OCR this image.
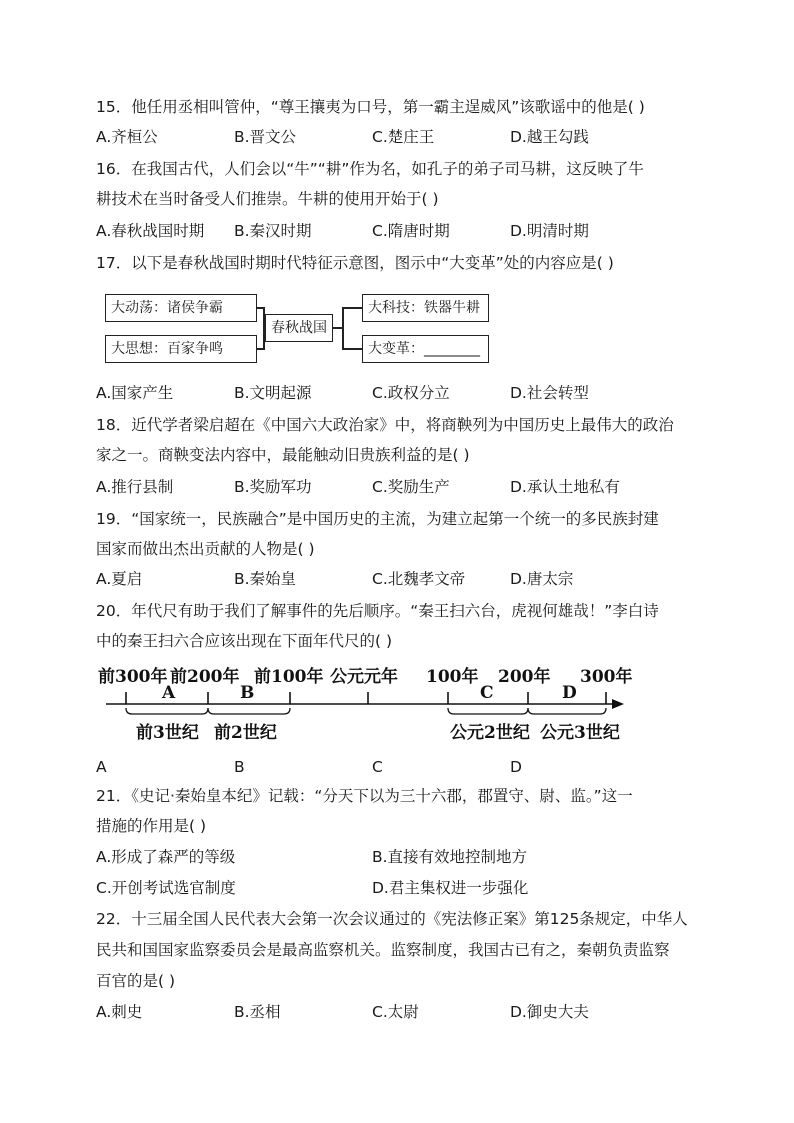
15．他任用丞相叫管仲，“尊王攘夷为口号，第一霸主逞威风”该歌谣中的他是( )
A.齐桓公	B.晋文公	C.楚庄王	D.越王勾践
16．在我国古代，人们会以“牛”“耕”作为名，如孔子的弟子司马耕，这反映了牛
耕技术在当时备受人们推崇。牛耕的使用开始于( )
A.春秋战国时期 B.秦汉时期	C.隋唐时期	D.明清时期
17．以下是春秋战国时期时代特征示意图，图示中“大变革”处的内容应是( )
大动荡：诸侯争霸
大思想：百家争鸣
春秋战国
大科技：铁器牛耕
大变革：________
A.国家产生	B.文明起源	C.政权分立	D.社会转型
18．近代学者梁启超在《中国六大政治家》中，将商鞅列为中国历史上最伟大的政治
家之一。商鞅变法内容中，最能触动旧贵族利益的是( )
A.推行县制	B.奖励军功	C.奖励生产	D.承认土地私有
19．“国家统一，民族融合”是中国历史的主流，为建立起第一个统一的多民族封建
国家而做出杰出贡献的人物是( )
A.夏启	B.秦始皇	C.北魏孝文帝	D.唐太宗
20．年代尺有助于我们了解事件的先后顺序。“秦王扫六台，虎视何雄哉！”李白诗
中的秦王扫六合应该出现在下面年代尺的( )
前300年 前200年 前100年 公元元年 100年 200年 300年
A	B	C	D
前3世纪 前2世纪	公元2世纪 公元3世纪
A	B	C	D
21．《史记·秦始皇本纪》记载：“分天下以为三十六郡，郡置守、尉、监。”这一
措施的作用是( )
A.形成了森严的等级	B.直接有效地控制地方
C.开创考试选官制度	D.君主集权进一步强化
22．十三届全国人民代表大会第一次会议通过的《宪法修正案》第125条规定，中华人
民共和国国家监察委员会是最高监察机关。监察制度，我国古已有之，秦朝负责监察
百官的是( )
A.刺史	B.丞相	C.太尉	D.御史大夫
